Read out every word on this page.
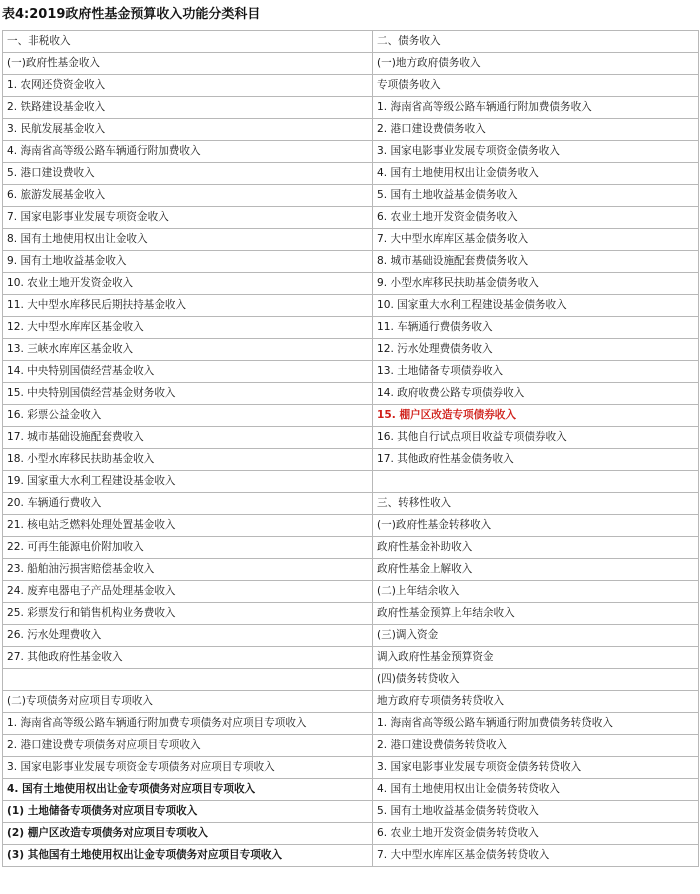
表4:2019政府性基金预算收入功能分类科目
一、非税收入	二、债务收入
(一)政府性基金收入	(一)地方政府债务收入
1. 农网还贷资金收入	专项债务收入
2. 铁路建设基金收入	1. 海南省高等级公路车辆通行附加费债务收入
3. 民航发展基金收入	2. 港口建设费债务收入
4. 海南省高等级公路车辆通行附加费收入	3. 国家电影事业发展专项资金债务收入
5. 港口建设费收入	4. 国有土地使用权出让金债务收入
6. 旅游发展基金收入	5. 国有土地收益基金债务收入
7. 国家电影事业发展专项资金收入	6. 农业土地开发资金债务收入
8. 国有土地使用权出让金收入	7. 大中型水库库区基金债务收入
9. 国有土地收益基金收入	8. 城市基础设施配套费债务收入
10. 农业土地开发资金收入	9. 小型水库移民扶助基金债务收入
11. 大中型水库移民后期扶持基金收入	10. 国家重大水利工程建设基金债务收入
12. 大中型水库库区基金收入	11. 车辆通行费债务收入
13. 三峡水库库区基金收入	12. 污水处理费债务收入
14. 中央特别国债经营基金收入	13. 土地储备专项债券收入
15. 中央特别国债经营基金财务收入	14. 政府收费公路专项债券收入
16. 彩票公益金收入	15. 棚户区改造专项债券收入
17. 城市基础设施配套费收入	16. 其他自行试点项目收益专项债券收入
18. 小型水库移民扶助基金收入	17. 其他政府性基金债务收入
19. 国家重大水利工程建设基金收入	
20. 车辆通行费收入	三、转移性收入
21. 核电站乏燃料处理处置基金收入	(一)政府性基金转移收入
22. 可再生能源电价附加收入	政府性基金补助收入
23. 船舶油污损害赔偿基金收入	政府性基金上解收入
24. 废弃电器电子产品处理基金收入	(二)上年结余收入
25. 彩票发行和销售机构业务费收入	政府性基金预算上年结余收入
26. 污水处理费收入	(三)调入资金
27. 其他政府性基金收入	调入政府性基金预算资金
	(四)债务转贷收入
(二)专项债务对应项目专项收入	地方政府专项债务转贷收入
1. 海南省高等级公路车辆通行附加费专项债务对应项目专项收入	1. 海南省高等级公路车辆通行附加费债务转贷收入
2. 港口建设费专项债务对应项目专项收入	2. 港口建设费债务转贷收入
3. 国家电影事业发展专项资金专项债务对应项目专项收入	3. 国家电影事业发展专项资金债务转贷收入
4. 国有土地使用权出让金专项债务对应项目专项收入	4. 国有土地使用权出让金债务转贷收入
(1) 土地储备专项债务对应项目专项收入	5. 国有土地收益基金债务转贷收入
(2) 棚户区改造专项债务对应项目专项收入	6. 农业土地开发资金债务转贷收入
(3) 其他国有土地使用权出让金专项债务对应项目专项收入	7. 大中型水库库区基金债务转贷收入
